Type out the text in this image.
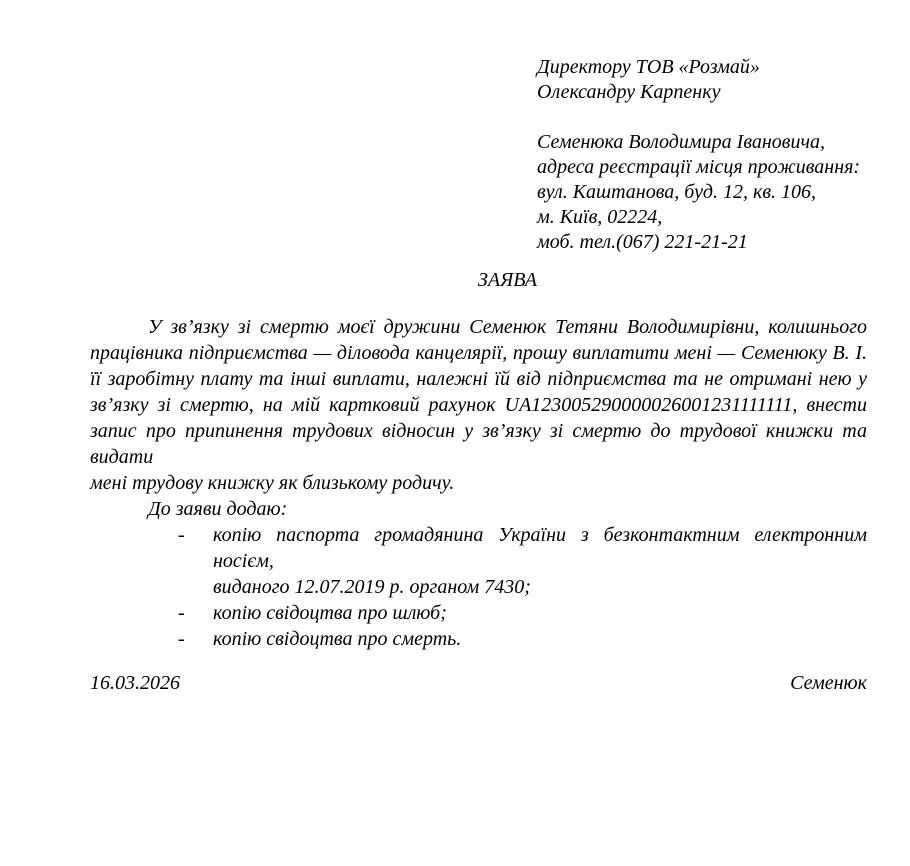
Директору ТОВ «Розмай»
Олександру Карпенку
Семенюка Володимира Івановича,
адреса реєстрації місця проживання:
вул. Каштанова, буд. 12, кв. 106,
м. Київ, 02224,
моб. тел.(067) 221-21-21
ЗАЯВА
У зв’язку зі смертю моєї дружини Семенюк Тетяни Володимирівни, колишнього
працівника підприємства — діловода канцелярії, прошу виплатити мені — Семенюку В. І.
її заробітну плату та інші виплати, належні їй від підприємства та не отримані нею у
зв’язку зі смертю, на мій картковий рахунок UA123005290000026001231111111, внести
запис про припинення трудових відносин у зв’язку зі смертю до трудової книжки та видати
мені трудову книжку як близькому родичу.
До заяви додаю:
-	копію паспорта громадянина України з безконтактним електронним носієм,
виданого 12.07.2019 р. органом 7430;
-	копію свідоцтва про шлюб;
-	копію свідоцтва про смерть.
16.03.2026	Семенюк
